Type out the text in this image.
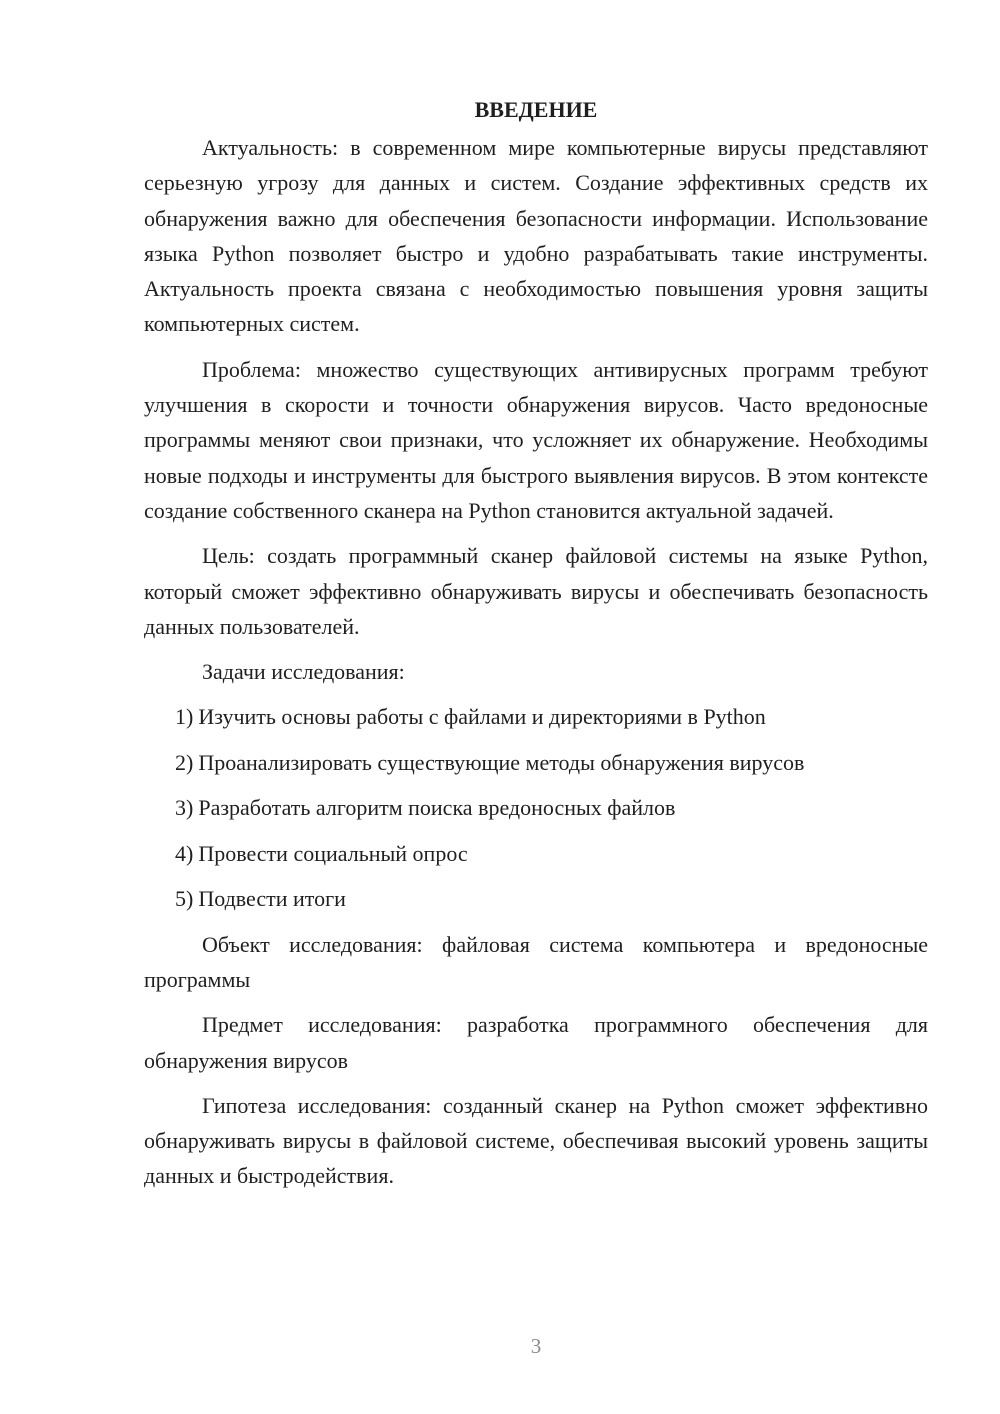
ВВЕДЕНИЕ

Актуальность: в современном мире компьютерные вирусы представляют серьезную угрозу для данных и систем. Создание эффективных средств их обнаружения важно для обеспечения безопасности информации. Использование языка Python позволяет быстро и удобно разрабатывать такие инструменты. Актуальность проекта связана с необходимостью повышения уровня защиты компьютерных систем.

Проблема: множество существующих антивирусных программ требуют улучшения в скорости и точности обнаружения вирусов. Часто вредоносные программы меняют свои признаки, что усложняет их обнаружение. Необходимы новые подходы и инструменты для быстрого выявления вирусов. В этом контексте создание собственного сканера на Python становится актуальной задачей.

Цель: создать программный сканер файловой системы на языке Python, который сможет эффективно обнаруживать вирусы и обеспечивать безопасность данных пользователей.

Задачи исследования:

1) Изучить основы работы с файлами и директориями в Python
2) Проанализировать существующие методы обнаружения вирусов
3) Разработать алгоритм поиска вредоносных файлов
4) Провести социальный опрос
5) Подвести итоги

Объект исследования: файловая система компьютера и вредоносные программы

Предмет исследования: разработка программного обеспечения для обнаружения вирусов

Гипотеза исследования: созданный сканер на Python сможет эффективно обнаруживать вирусы в файловой системе, обеспечивая высокий уровень защиты данных и быстродействия.

3
